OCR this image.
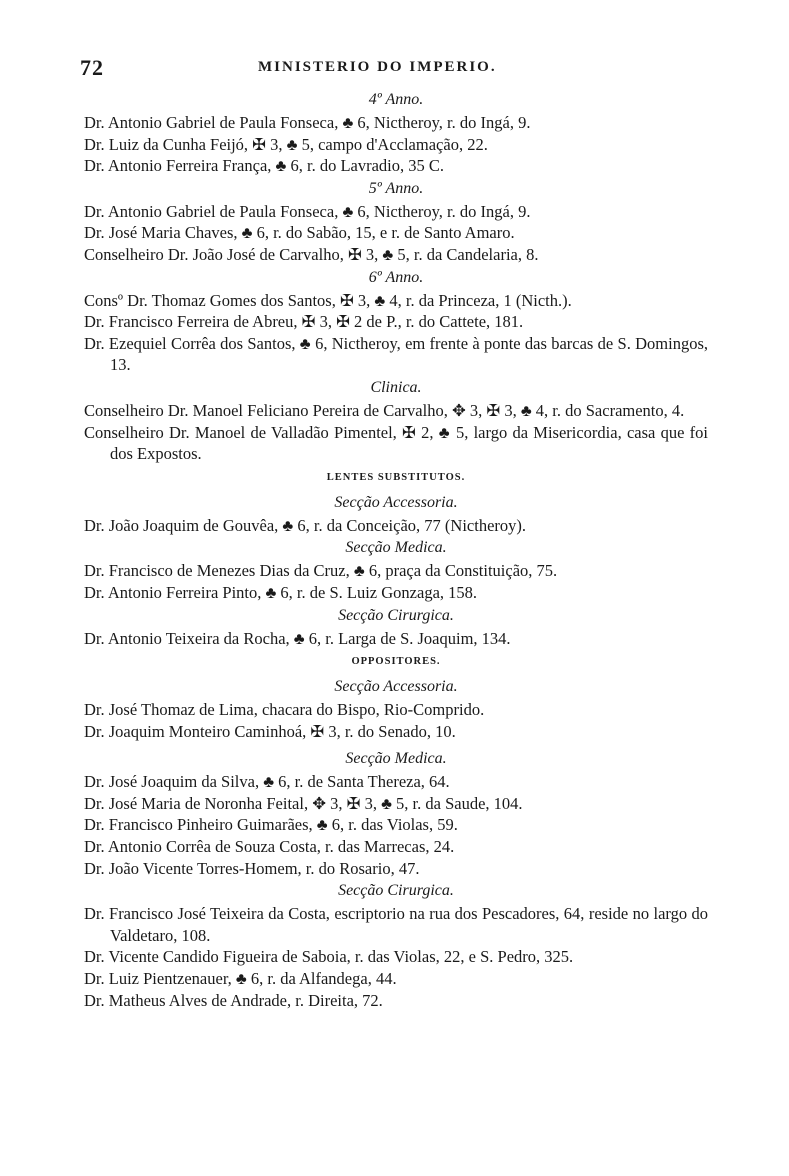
72	MINISTERIO DO IMPERIO.
4º Anno.
Dr. Antonio Gabriel de Paula Fonseca, ♣ 6, Nictheroy, r. do Ingá, 9.
Dr. Luiz da Cunha Feijó, ✠ 3, ♣ 5, campo d'Acclamação, 22.
Dr. Antonio Ferreira França, ♣ 6, r. do Lavradio, 35 C.
5º Anno.
Dr. Antonio Gabriel de Paula Fonseca, ♣ 6, Nictheroy, r. do Ingá, 9.
Dr. José Maria Chaves, ♣ 6, r. do Sabão, 15, e r. de Santo Amaro.
Conselheiro Dr. João José de Carvalho, ✠ 3, ♣ 5, r. da Candelaria, 8.
6º Anno.
Consº Dr. Thomaz Gomes dos Santos, ✠ 3, ♣ 4, r. da Princeza, 1 (Nicth.).
Dr. Francisco Ferreira de Abreu, ✠ 3, ✠ 2 de P., r. do Cattete, 181.
Dr. Ezequiel Corrêa dos Santos, ♣ 6, Nictheroy, em frente à ponte das barcas de S. Domingos, 13.
Clinica.
Conselheiro Dr. Manoel Feliciano Pereira de Carvalho, ✥ 3, ✠ 3, ♣ 4, r. do Sacramento, 4.
Conselheiro Dr. Manoel de Valladão Pimentel, ✠ 2, ♣ 5, largo da Misericordia, casa que foi dos Expostos.
LENTES SUBSTITUTOS.
Secção Accessoria.
Dr. João Joaquim de Gouvêa, ♣ 6, r. da Conceição, 77 (Nictheroy).
Secção Medica.
Dr. Francisco de Menezes Dias da Cruz, ♣ 6, praça da Constituição, 75.
Dr. Antonio Ferreira Pinto, ♣ 6, r. de S. Luiz Gonzaga, 158.
Secção Cirurgica.
Dr. Antonio Teixeira da Rocha, ♣ 6, r. Larga de S. Joaquim, 134.
OPPOSITORES.
Secção Accessoria.
Dr. José Thomaz de Lima, chacara do Bispo, Rio-Comprido.
Dr. Joaquim Monteiro Caminhoá, ✠ 3, r. do Senado, 10.
Secção Medica.
Dr. José Joaquim da Silva, ♣ 6, r. de Santa Thereza, 64.
Dr. José Maria de Noronha Feital, ✥ 3, ✠ 3, ♣ 5, r. da Saude, 104.
Dr. Francisco Pinheiro Guimarães, ♣ 6, r. das Violas, 59.
Dr. Antonio Corrêa de Souza Costa, r. das Marrecas, 24.
Dr. João Vicente Torres-Homem, r. do Rosario, 47.
Secção Cirurgica.
Dr. Francisco José Teixeira da Costa, escriptorio na rua dos Pescadores, 64, reside no largo do Valdetaro, 108.
Dr. Vicente Candido Figueira de Saboia, r. das Violas, 22, e S. Pedro, 325.
Dr. Luiz Pientzenauer, ♣ 6, r. da Alfandega, 44.
Dr. Matheus Alves de Andrade, r. Direita, 72.
